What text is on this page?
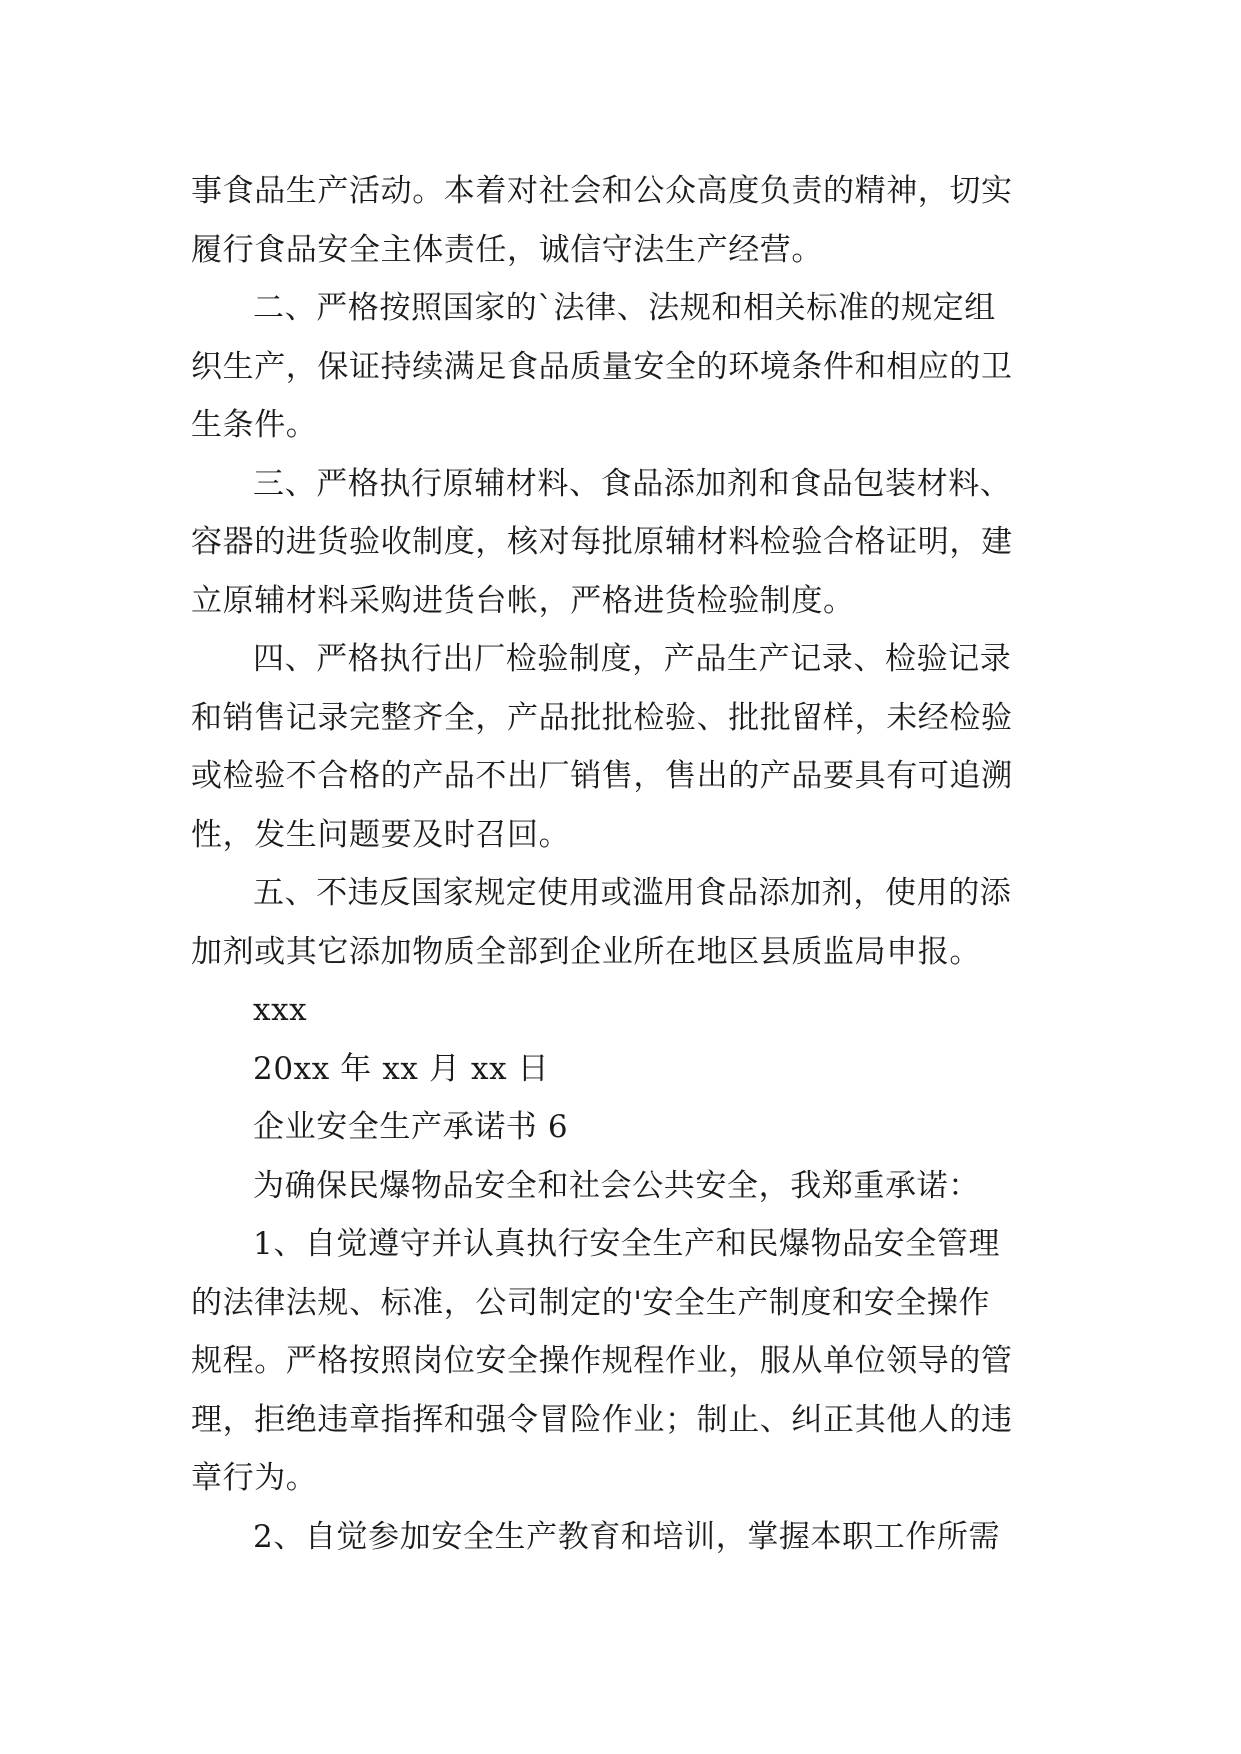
事食品生产活动。本着对社会和公众高度负责的精神，切实
履行食品安全主体责任，诚信守法生产经营。
二、严格按照国家的`法律、法规和相关标准的规定组
织生产，保证持续满足食品质量安全的环境条件和相应的卫
生条件。
三、严格执行原辅材料、食品添加剂和食品包装材料、
容器的进货验收制度，核对每批原辅材料检验合格证明，建
立原辅材料采购进货台帐，严格进货检验制度。
四、严格执行出厂检验制度，产品生产记录、检验记录
和销售记录完整齐全，产品批批检验、批批留样，未经检验
或检验不合格的产品不出厂销售，售出的产品要具有可追溯
性，发生问题要及时召回。
五、不违反国家规定使用或滥用食品添加剂，使用的添
加剂或其它添加物质全部到企业所在地区县质监局申报。
xxx
20xx 年 xx 月 xx 日
企业安全生产承诺书 6
为确保民爆物品安全和社会公共安全，我郑重承诺：
1、自觉遵守并认真执行安全生产和民爆物品安全管理
的法律法规、标准，公司制定的'安全生产制度和安全操作
规程。严格按照岗位安全操作规程作业，服从单位领导的管
理，拒绝违章指挥和强令冒险作业；制止、纠正其他人的违
章行为。
2、自觉参加安全生产教育和培训，掌握本职工作所需
